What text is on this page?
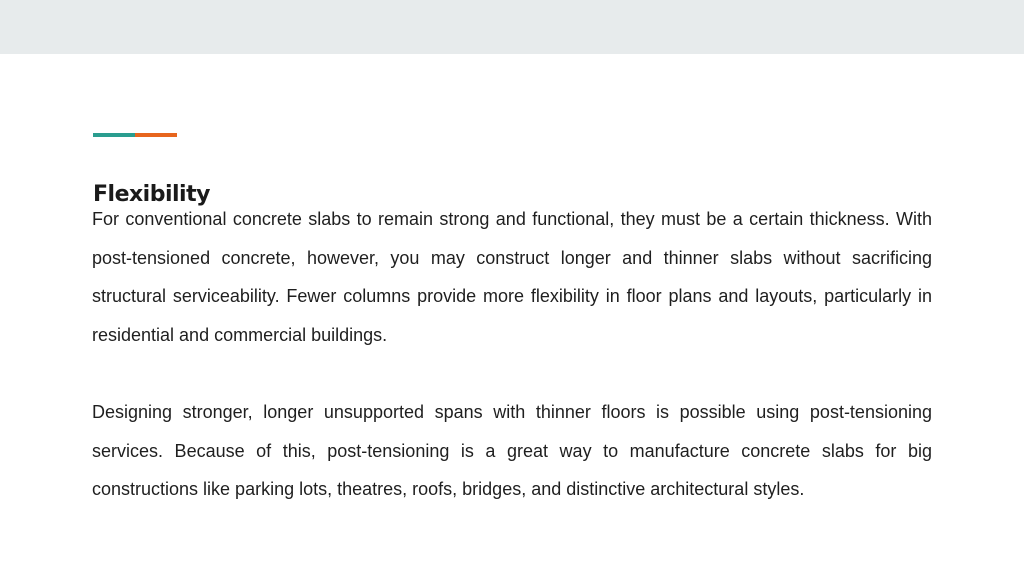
Flexibility

For conventional concrete slabs to remain strong and functional, they must be a certain thickness. With post-tensioned concrete, however, you may construct longer and thinner slabs without sacrificing structural serviceability. Fewer columns provide more flexibility in floor plans and layouts, particularly in residential and commercial buildings.

Designing stronger, longer unsupported spans with thinner floors is possible using post-tensioning services. Because of this, post-tensioning is a great way to manufacture concrete slabs for big constructions like parking lots, theatres, roofs, bridges, and distinctive architectural styles.
